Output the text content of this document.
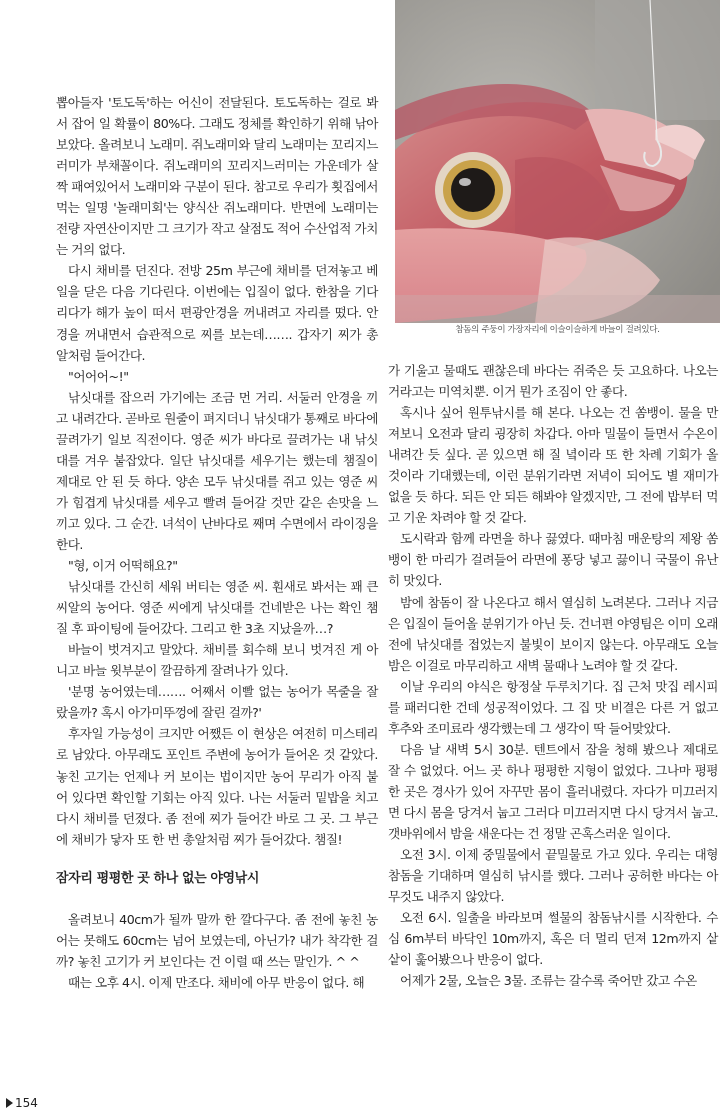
참돔의 주둥이 가장자리에 이슬이슬하게 바늘이 걸려있다.

뽑아들자 '토도독'하는 어신이 전달된다. 토도독하는 걸로 봐서 잡어 일 확률이 80%다. 그래도 정체를 확인하기 위해 낚아보았다. 올려보니 노래미. 쥐노래미와 달리 노래미는 꼬리지느러미가 부채꼴이다. 쥐노래미의 꼬리지느러미는 가운데가 살짝 패여있어서 노래미와 구분이 된다. 참고로 우리가 횟집에서 먹는 일명 '놀래미회'는 양식산 쥐노래미다. 반면에 노래미는 전량 자연산이지만 그 크기가 작고 살점도 적어 수산업적 가치는 거의 없다.

다시 채비를 던진다. 전방 25m 부근에 채비를 던져놓고 베일을 닫은 다음 기다린다. 이번에는 입질이 없다. 한참을 기다리다가 해가 높이 떠서 편광안경을 꺼내려고 자리를 떴다. 안경을 꺼내면서 습관적으로 찌를 보는데……. 갑자기 찌가 총알처럼 들어간다.

"어어어~!"

낚싯대를 잡으러 가기에는 조금 먼 거리. 서둘러 안경을 끼고 내려간다. 곧바로 원줄이 펴지더니 낚싯대가 통째로 바다에 끌려가기 일보 직전이다. 영준 씨가 바다로 끌려가는 내 낚싯대를 겨우 붙잡았다. 일단 낚싯대를 세우기는 했는데 챔질이 제대로 안 된 듯 하다. 양손 모두 낚싯대를 쥐고 있는 영준 씨가 힘겹게 낚싯대를 세우고 빨려 들어갈 것만 같은 손맛을 느끼고 있다. 그 순간. 녀석이 난바다로 째며 수면에서 라이징을 한다.

"형, 이거 어떡해요?"

낚싯대를 간신히 세워 버티는 영준 씨. 훤새로 봐서는 꽤 큰 씨알의 농어다. 영준 씨에게 낚싯대를 건네받은 나는 확인 챔질 후 파이팅에 들어갔다. 그리고 한 3초 지났을까…?

바늘이 벗겨지고 말았다. 채비를 회수해 보니 벗겨진 게 아니고 바늘 윗부분이 깔끔하게 잘려나가 있다.

'분명 농어였는데……. 어째서 이빨 없는 농어가 목줄을 잘랐을까? 혹시 아가미뚜껑에 잘린 걸까?'

후자일 가능성이 크지만 어쨌든 이 현상은 여전히 미스테리로 남았다. 아무래도 포인트 주변에 농어가 들어온 것 같았다. 놓친 고기는 언제나 커 보이는 법이지만 농어 무리가 아직 붙어 있다면 확인할 기회는 아직 있다. 나는 서둘러 밑밥을 치고 다시 채비를 던졌다. 좀 전에 찌가 들어간 바로 그 곳. 그 부근에 채비가 닿자 또 한 번 총알처럼 찌가 들어갔다. 챔질!

잠자리 평평한 곳 하나 없는 야영낚시

올려보니 40cm가 될까 말까 한 깔다구다. 좀 전에 놓친 농어는 못해도 60cm는 넘어 보였는데, 아닌가? 내가 착각한 걸까? 놓친 고기가 커 보인다는 건 이럴 때 쓰는 말인가. ^ ^

때는 오후 4시. 이제 만조다. 채비에 아무 반응이 없다. 해

가 기울고 물때도 괜찮은데 바다는 쥐죽은 듯 고요하다. 나오는 거라고는 미역치뿐. 이거 뭔가 조짐이 안 좋다.

혹시나 싶어 원투낚시를 해 본다. 나오는 건 쏨뱅이. 물을 만져보니 오전과 달리 굉장히 차갑다. 아마 밀물이 들면서 수온이 내려간 듯 싶다. 곧 있으면 해 질 녘이라 또 한 차례 기회가 올 것이라 기대했는데, 이런 분위기라면 저녁이 되어도 별 재미가 없을 듯 하다. 되든 안 되든 해봐야 알겠지만, 그 전에 밥부터 먹고 기운 차려야 할 것 같다.

도시락과 함께 라면을 하나 끓였다. 때마침 매운탕의 제왕 쏨뱅이 한 마리가 걸려들어 라면에 퐁당 넣고 끓이니 국물이 유난히 맛있다.

밤에 참돔이 잘 나온다고 해서 열심히 노려본다. 그러나 지금은 입질이 들어올 분위기가 아닌 듯. 건너편 야영팀은 이미 오래 전에 낚싯대를 접었는지 불빛이 보이지 않는다. 아무래도 오늘 밤은 이걸로 마무리하고 새벽 물때나 노려야 할 것 같다.

이날 우리의 야식은 항정살 두루치기다. 집 근처 맛집 레시피를 패러디한 건데 성공적이었다. 그 집 맛 비결은 다른 거 없고 후추와 조미료라 생각했는데 그 생각이 딱 들어맞았다.

다음 날 새벽 5시 30분. 텐트에서 잠을 청해 봤으나 제대로 잘 수 없었다. 어느 곳 하나 평평한 지형이 없었다. 그나마 평평한 곳은 경사가 있어 자꾸만 몸이 흘러내렸다. 자다가 미끄러지면 다시 몸을 당겨서 눕고 그러다 미끄러지면 다시 당겨서 눕고. 갯바위에서 밤을 새운다는 건 정말 곤혹스러운 일이다.

오전 3시. 이제 중밀물에서 끝밀물로 가고 있다. 우리는 대형 참돔을 기대하며 열심히 낚시를 했다. 그러나 공허한 바다는 아무것도 내주지 않았다.

오전 6시. 일출을 바라보며 썰물의 참돔낚시를 시작한다. 수심 6m부터 바닥인 10m까지, 혹은 더 멀리 던져 12m까지 샅샅이 훑어봤으나 반응이 없다.

어제가 2물, 오늘은 3물. 조류는 갈수록 죽어만 갔고 수온

154
